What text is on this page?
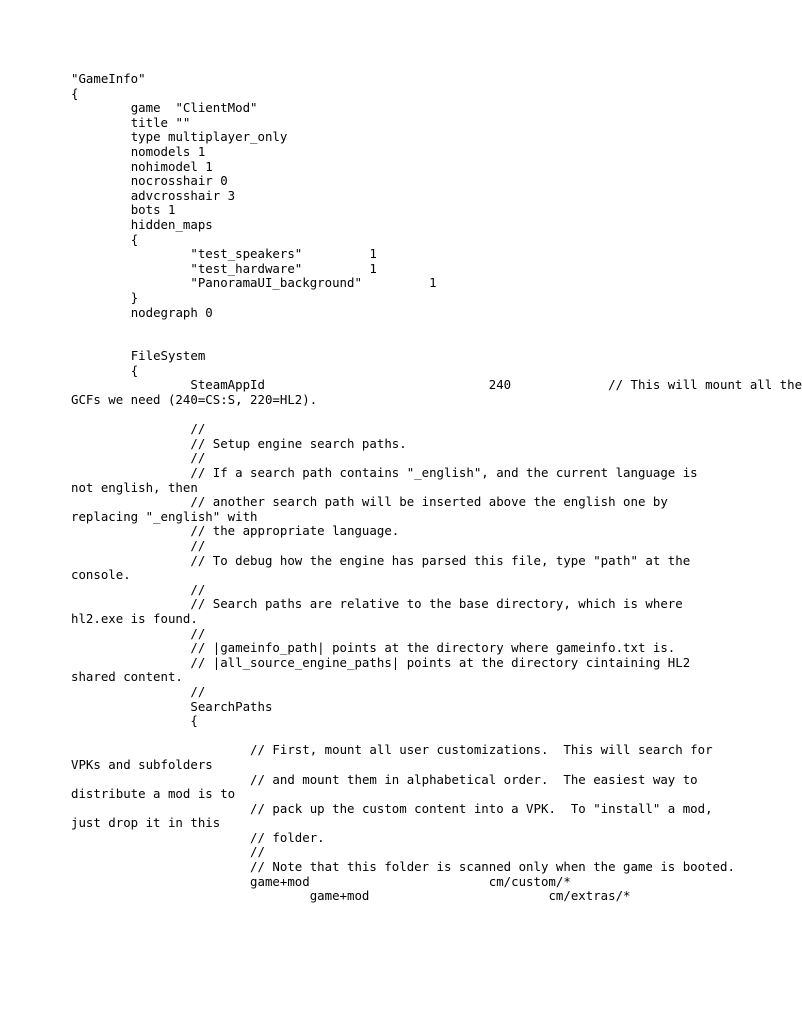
"GameInfo"
{
	game  "ClientMod"
	title ""
	type multiplayer_only
	nomodels 1
	nohimodel 1
	nocrosshair 0
	advcrosshair 3
	bots 1
	hidden_maps
	{
		"test_speakers"		1
		"test_hardware"		1
		"PanoramaUI_background"		1
	}
	nodegraph 0
	FileSystem
	{
		SteamAppId				240		// This will mount all the
GCFs we need (240=CS:S, 220=HL2).
		//
		// Setup engine search paths.
		//
		// If a search path contains "_english", and the current language is
not english, then
		// another search path will be inserted above the english one by
replacing "_english" with
		// the appropriate language.
		//
		// To debug how the engine has parsed this file, type "path" at the
console.
		//
		// Search paths are relative to the base directory, which is where
hl2.exe is found.
		//
		// |gameinfo_path| points at the directory where gameinfo.txt is.
		// |all_source_engine_paths| points at the directory cintaining HL2
shared content.
		//
		SearchPaths
		{
			// First, mount all user customizations.  This will search for
VPKs and subfolders
			// and mount them in alphabetical order.  The easiest way to
distribute a mod is to
			// pack up the custom content into a VPK.  To "install" a mod,
just drop it in this
			// folder.
			//
			// Note that this folder is scanned only when the game is booted.
			game+mod			cm/custom/*
				game+mod			cm/extras/*
